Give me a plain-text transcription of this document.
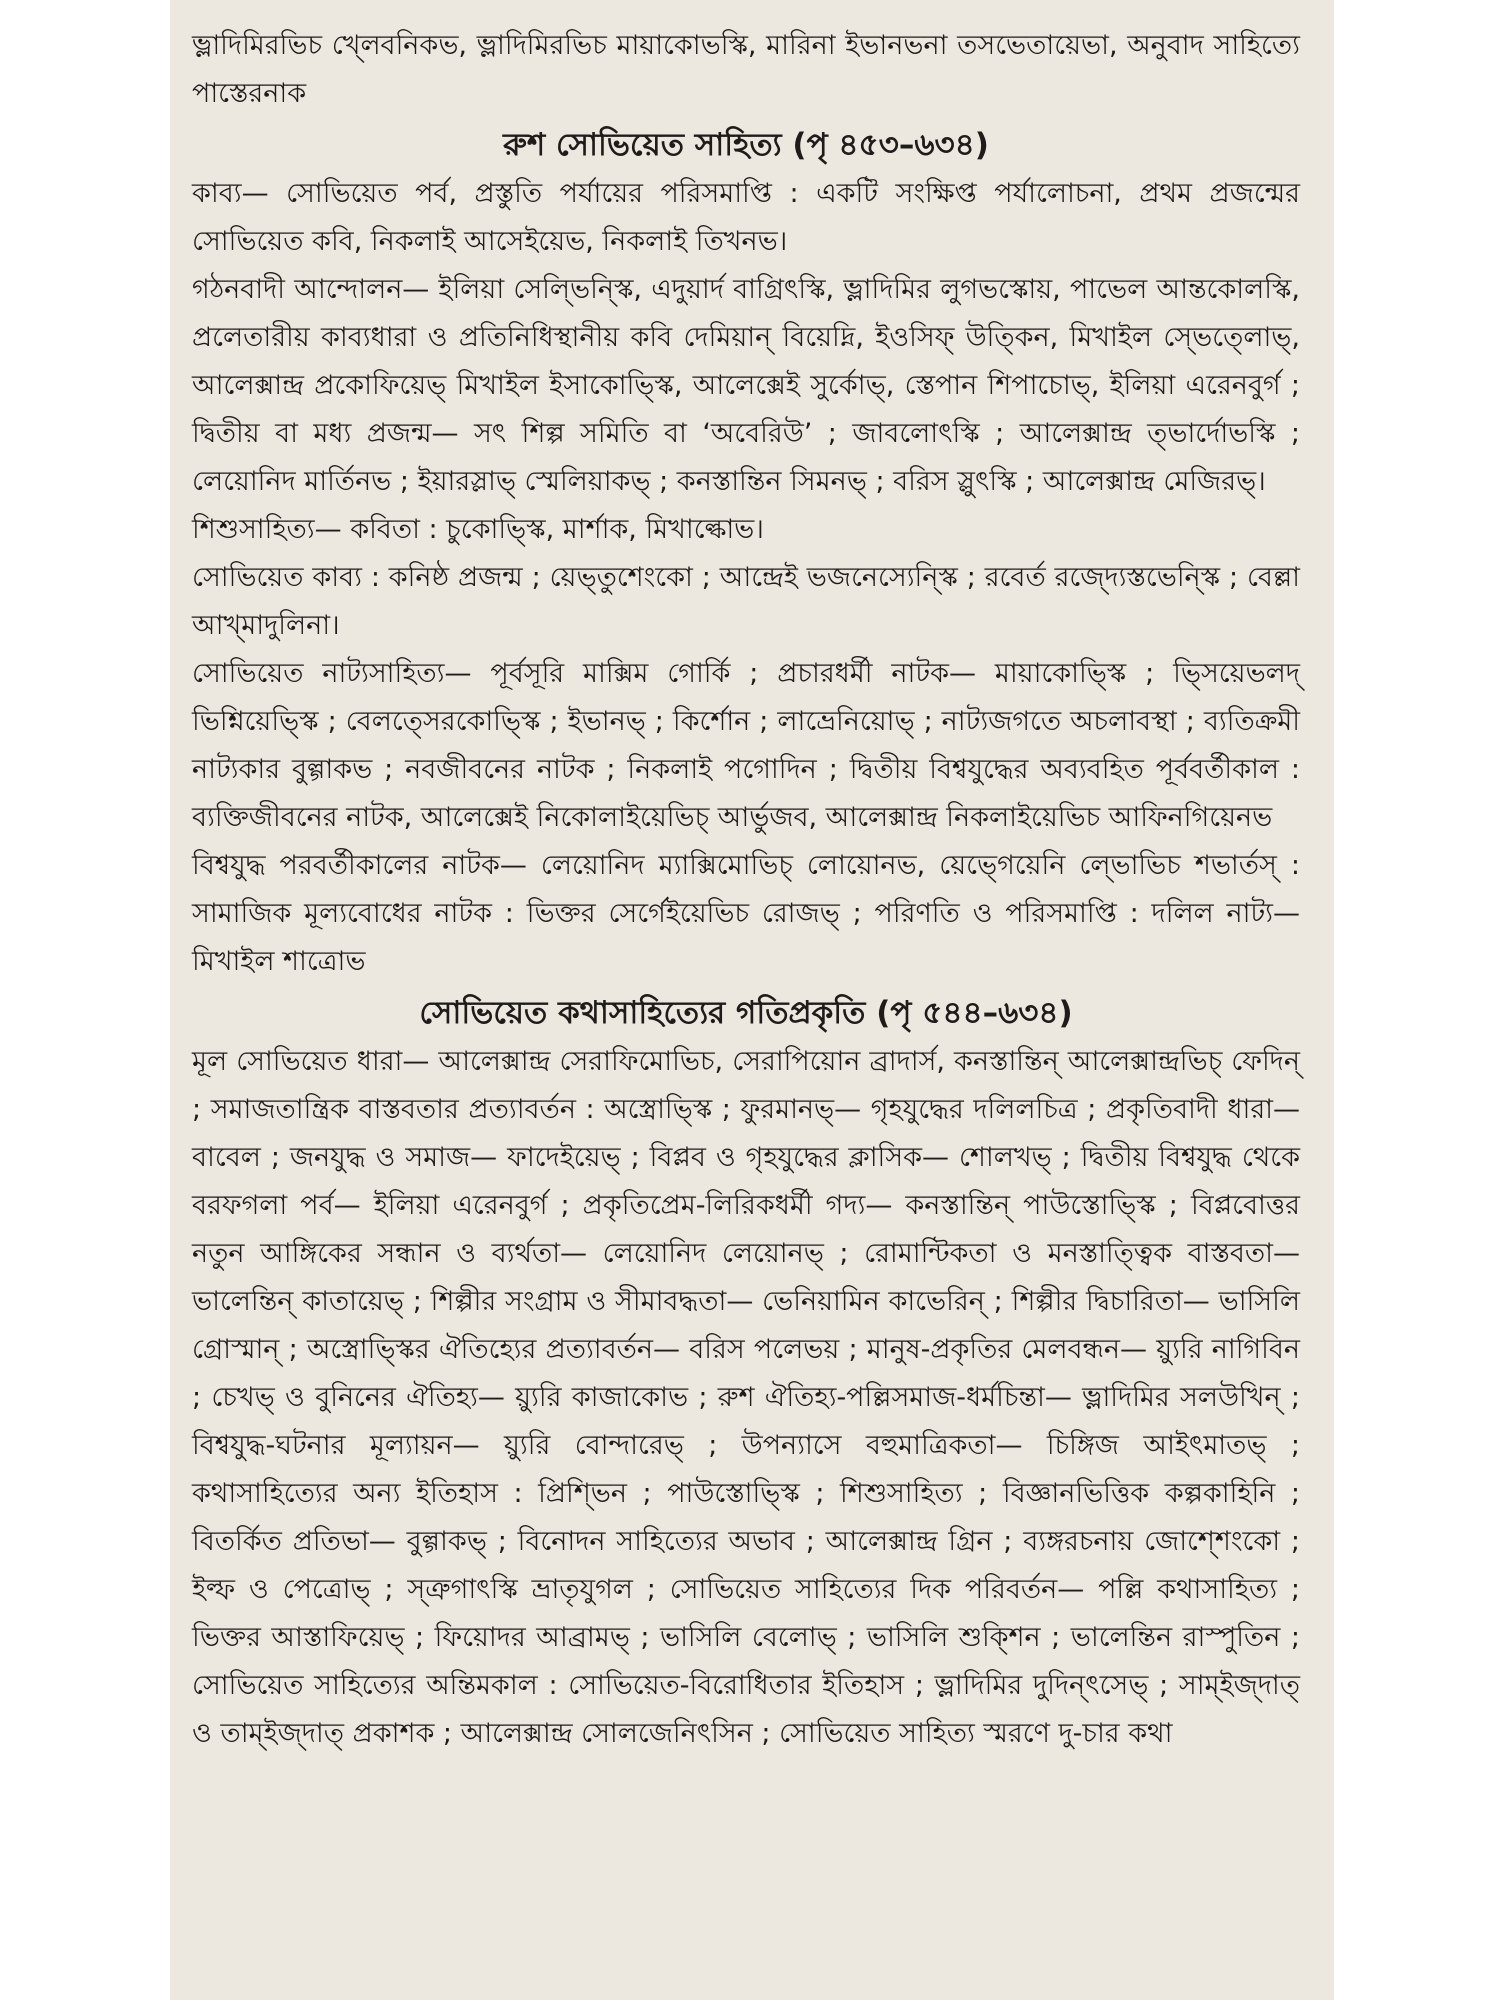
ভ্লাদিমিরভিচ খ্লেবনিকভ, ভ্লাদিমিরভিচ মায়াকোভস্কি, মারিনা ইভানভনা তসভেতায়েভা, অনুবাদ সাহিত্যে পাস্তেরনাক

রুশ সোভিয়েত সাহিত্য (পৃ ৪৫৩–৬৩৪)

কাব্য— সোভিয়েত পর্ব, প্রস্তুতি পর্যায়ের পরিসমাপ্তি : একটি সংক্ষিপ্ত পর্যালোচনা, প্রথম প্রজন্মের সোভিয়েত কবি, নিকলাই আসেইয়েভ, নিকলাই তিখনভ।

গঠনবাদী আন্দোলন— ইলিয়া সেল্ভিন্স্কি, এদুয়ার্দ বাগ্রিৎস্কি, ভ্লাদিমির লুগভস্কোয়, পাভেল আন্তকোলস্কি, প্রলেতারীয় কাব্যধারা ও প্রতিনিধিস্থানীয় কবি দেমিয়ান্ বিয়েদ্নি, ইওসিফ্ উত্কিন, মিখাইল স্ভেত্লোভ্, আলেক্সান্দ্র প্রকোফিয়েভ্ মিখাইল ইসাকোভ্স্কি, আলেক্সেই সুর্কোভ্, স্তেপান শিপাচোভ্, ইলিয়া এরেনবুর্গ ; দ্বিতীয় বা মধ্য প্রজন্ম— সৎ শিল্প সমিতি বা ‘অবেরিউ’ ; জাবলোৎস্কি ; আলেক্সান্দ্র ত্ভার্দোভস্কি ; লেয়োনিদ মার্তিনভ ; ইয়ারস্লাভ্ স্মেলিয়াকভ্ ; কনস্তান্তিন সিমনভ্ ; বরিস স্লুৎস্কি ; আলেক্সান্দ্র মেজিরভ্।

শিশুসাহিত্য— কবিতা : চুকোভ্স্কি, মার্শাক, মিখাল্কোভ।

সোভিয়েত কাব্য : কনিষ্ঠ প্রজন্ম ; য়েভ্তুশেংকো ; আন্দ্রেই ভজনেস্যেন্স্কি ; রবের্ত রজ্দ্যেস্তভেন্স্কি ; বেল্লা আখ্মাদুলিনা।

সোভিয়েত নাট্যসাহিত্য— পূর্বসূরি মাক্সিম গোর্কি ; প্রচারধর্মী নাটক— মায়াকোভ্স্কি ; ভ্সিয়েভলদ্ ভিশ্নিয়েভ্স্কি ; বেলত্সেরকোভ্স্কি ; ইভানভ্ ; কির্শোন ; লাভ্রেনিয়োভ্ ; নাট্যজগতে অচলাবস্থা ; ব্যতিক্রমী নাট্যকার বুল্গাকভ ; নবজীবনের নাটক ; নিকলাই পগোদিন ; দ্বিতীয় বিশ্বযুদ্ধের অব্যবহিত পূর্ববর্তীকাল : ব্যক্তিজীবনের নাটক, আলেক্সেই নিকোলাইয়েভিচ্ আর্ভুজব, আলেক্সান্দ্র নিকলাইয়েভিচ আফিনগিয়েনভ

বিশ্বযুদ্ধ পরবর্তীকালের নাটক— লেয়োনিদ ম্যাক্সিমোভিচ্ লোয়োনভ, য়েভ্গেয়েনি ল্ভোভিচ শভার্তস্ : সামাজিক মূল্যবোধের নাটক : ভিক্তর সের্গেইয়েভিচ রোজভ্ ; পরিণতি ও পরিসমাপ্তি : দলিল নাট্য— মিখাইল শাত্রোভ

সোভিয়েত কথাসাহিত্যের গতিপ্রকৃতি (পৃ ৫৪৪–৬৩৪)

মূল সোভিয়েত ধারা— আলেক্সান্দ্র সেরাফিমোভিচ, সেরাপিয়োন ব্রাদার্স, কনস্তান্তিন্ আলেক্সান্দ্রভিচ্ ফেদিন্ ; সমাজতান্ত্রিক বাস্তবতার প্রত্যাবর্তন : অস্ত্রোভ্স্কি ; ফুরমানভ্— গৃহযুদ্ধের দলিলচিত্র ; প্রকৃতিবাদী ধারা— বাবেল ; জনযুদ্ধ ও সমাজ— ফাদেইয়েভ্ ; বিপ্লব ও গৃহযুদ্ধের ক্লাসিক— শোলখভ্ ; দ্বিতীয় বিশ্বযুদ্ধ থেকে বরফগলা পর্ব— ইলিয়া এরেনবুর্গ ; প্রকৃতিপ্রেম-লিরিকধর্মী গদ্য— কনস্তান্তিন্ পাউস্তোভ্স্কি ; বিপ্লবোত্তর নতুন আঙ্গিকের সন্ধান ও ব্যর্থতা— লেয়োনিদ লেয়োনভ্ ; রোমান্টিকতা ও মনস্তাত্ত্বিক বাস্তবতা— ভালেন্তিন্ কাতায়েভ্ ; শিল্পীর সংগ্রাম ও সীমাবদ্ধতা— ভেনিয়ামিন কাভেরিন্ ; শিল্পীর দ্বিচারিতা— ভাসিলি গ্রোস্মান্ ; অস্ত্রোভ্স্কির ঐতিহ্যের প্রত্যাবর্তন— বরিস পলেভয় ; মানুষ-প্রকৃতির মেলবন্ধন— য়্যুরি নাগিবিন ; চেখভ্ ও বুনিনের ঐতিহ্য— য়্যুরি কাজাকোভ ; রুশ ঐতিহ্য-পল্লিসমাজ-ধর্মচিন্তা— ভ্লাদিমির সলউখিন্ ; বিশ্বযুদ্ধ-ঘটনার মূল্যায়ন— য়্যুরি বোন্দারেভ্ ; উপন্যাসে বহুমাত্রিকতা— চিঙ্গিজ আইৎমাতভ্ ; কথাসাহিত্যের অন্য ইতিহাস : প্রিশ্ভিন ; পাউস্তোভ্স্কি ; শিশুসাহিত্য ; বিজ্ঞানভিত্তিক কল্পকাহিনি ; বিতর্কিত প্রতিভা— বুল্গাকভ্ ; বিনোদন সাহিত্যের অভাব ; আলেক্সান্দ্র গ্রিন ; ব্যঙ্গরচনায় জোশ্শেংকো ; ইল্ফ ও পেত্রোভ্ ; স্ত্রুগাৎস্কি ভ্রাতৃযুগল ; সোভিয়েত সাহিত্যের দিক পরিবর্তন— পল্লি কথাসাহিত্য ; ভিক্তর আস্তাফিয়েভ্ ; ফিয়োদর আব্রামভ্ ; ভাসিলি বেলোভ্ ; ভাসিলি শুক্শিন ; ভালেন্তিন রাস্পুতিন ; সোভিয়েত সাহিত্যের অন্তিমকাল : সোভিয়েত-বিরোধিতার ইতিহাস ; ভ্লাদিমির দুদিন্ৎসেভ্ ; সাম্ইজ্দাত্ ও তাম্ইজ্দাত্ প্রকাশক ; আলেক্সান্দ্র সোলজেনিৎসিন ; সোভিয়েত সাহিত্য স্মরণে দু-চার কথা
